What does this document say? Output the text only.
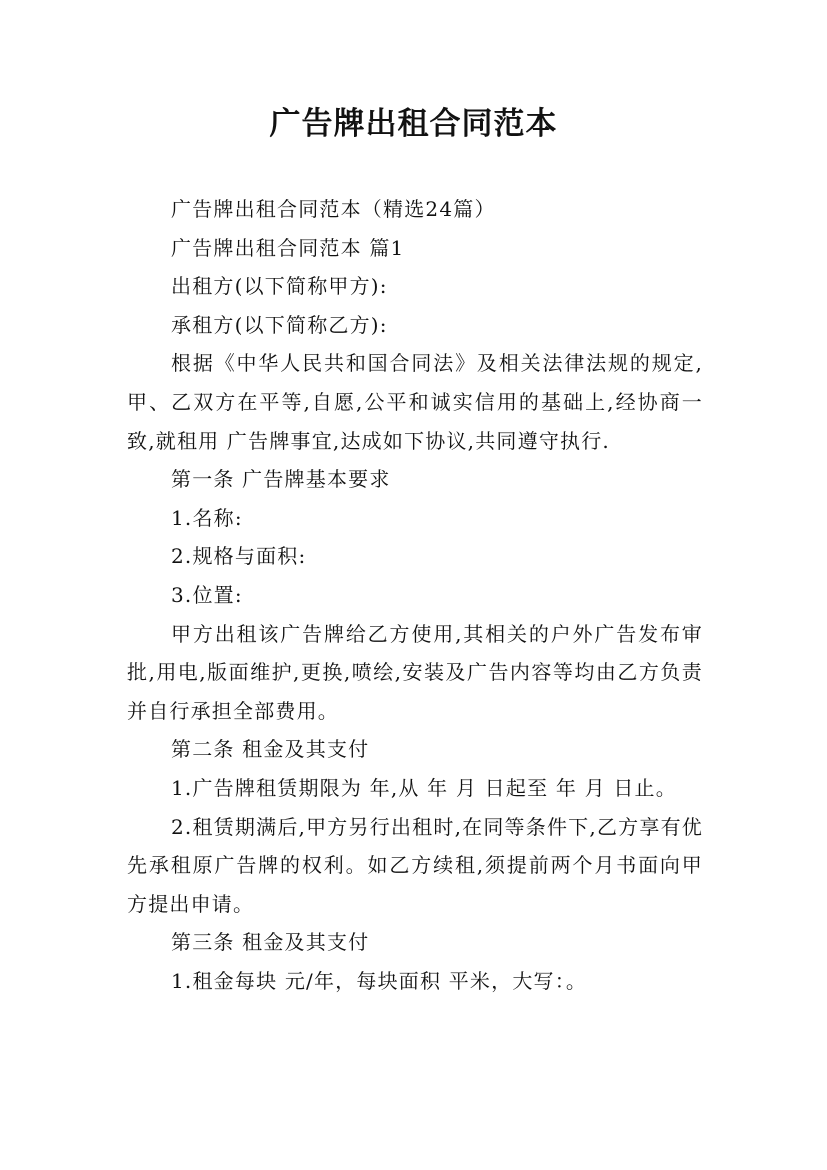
广告牌出租合同范本

广告牌出租合同范本（精选24篇）

广告牌出租合同范本 篇1

出租方(以下简称甲方):

承租方(以下简称乙方):

根据《中华人民共和国合同法》及相关法律法规的规定,甲、乙双方在平等,自愿,公平和诚实信用的基础上,经协商一致,就租用 广告牌事宜,达成如下协议,共同遵守执行.

第一条 广告牌基本要求

1.名称:

2.规格与面积:

3.位置:

甲方出租该广告牌给乙方使用,其相关的户外广告发布审批,用电,版面维护,更换,喷绘,安装及广告内容等均由乙方负责并自行承担全部费用。

第二条 租金及其支付

1.广告牌租赁期限为 年,从 年 月 日起至 年 月 日止。

2.租赁期满后,甲方另行出租时,在同等条件下,乙方享有优先承租原广告牌的权利。如乙方续租,须提前两个月书面向甲方提出申请。

第三条 租金及其支付

1.租金每块 元/年，每块面积 平米，大写：。
